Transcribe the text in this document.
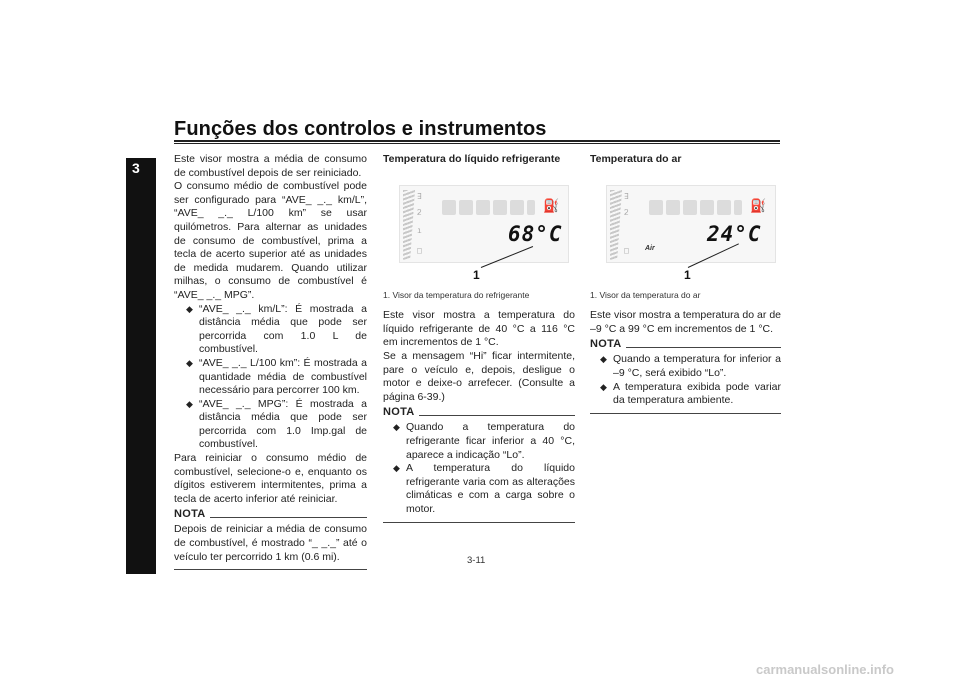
Funções dos controlos e instrumentos
3

Este visor mostra a média de consumo de combustível depois de ser reiniciado.

O consumo médio de combustível pode ser configurado para “AVE_ _._ km/L”, “AVE_ _._ L/100 km” se usar quilómetros. Para alternar as unidades de consumo de combustível, prima a tecla de acerto superior até as unidades de medida mudarem. Quando utilizar milhas, o consumo de combustível é “AVE_ _._ MPG”.

◆ “AVE_ _._ km/L”: É mostrada a distância média que pode ser percorrida com 1.0 L de combustível.
◆ “AVE_ _._ L/100 km”: É mostrada a quantidade média de combustível necessário para percorrer 100 km.
◆ “AVE_ _._ MPG”: É mostrada a distância média que pode ser percorrida com 1.0 Imp.gal de combustível.

Para reiniciar o consumo médio de combustível, selecione-o e, enquanto os dígitos estiverem intermitentes, prima a tecla de acerto inferior até reiniciar.

NOTA

Depois de reiniciar a média de consumo de combustível, é mostrado “_ _._” até o veículo ter percorrido 1 km (0.6 mi).

Temperatura do líquido refrigerante
∃
ᒿ
ı
□
⛽
68°C
1
1. Visor da temperatura do refrigerante

Este visor mostra a temperatura do líquido refrigerante de 40 °C a 116 °C em incrementos de 1 °C.

Se a mensagem “Hi” ficar intermitente, pare o veículo e, depois, desligue o motor e deixe-o arrefecer. (Consulte a página 6-39.)

NOTA
◆ Quando a temperatura do refrigerante ficar inferior a 40 °C, aparece a indicação “Lo”.
◆ A temperatura do líquido refrigerante varia com as alterações climáticas e com a carga sobre o motor.
Temperatura do ar
∃
ᒿ
□
⛽
Air
24°C
1
1. Visor da temperatura do ar

Este visor mostra a temperatura do ar de –9 °C a 99 °C em incrementos de 1 °C.

NOTA
◆ Quando a temperatura for inferior a –9 °C, será exibido “Lo”.
◆ A temperatura exibida pode variar da temperatura ambiente.
3-11
carmanualsonline.info
